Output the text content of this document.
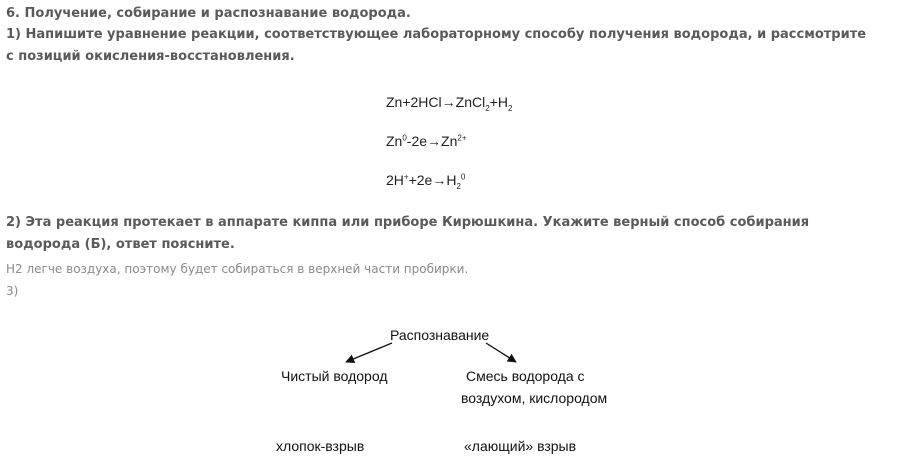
6. Получение, собирание и распознавание водорода.
1) Напишите уравнение реакции, соответствующее лабораторному способу получения водорода, и рассмотрите
с позиций окисления-восстановления.
$Zn+2HCl\to ZnCl_2+H_2$
$Zn^0-2e\to Zn^{2+}$
$2H^++2e\to H_2^0$
2) Эта реакция протекает в аппарате киппа или приборе Кирюшкина. Укажите верный способ собирания
водорода (Б), ответ поясните.
H2 легче воздуха, поэтому будет собираться в верхней части пробирки.
3)
Распознавание
Чистый водород	Смесь водорода с
воздухом, кислородом
хлопок-взрыв	«лающий» взрыв
